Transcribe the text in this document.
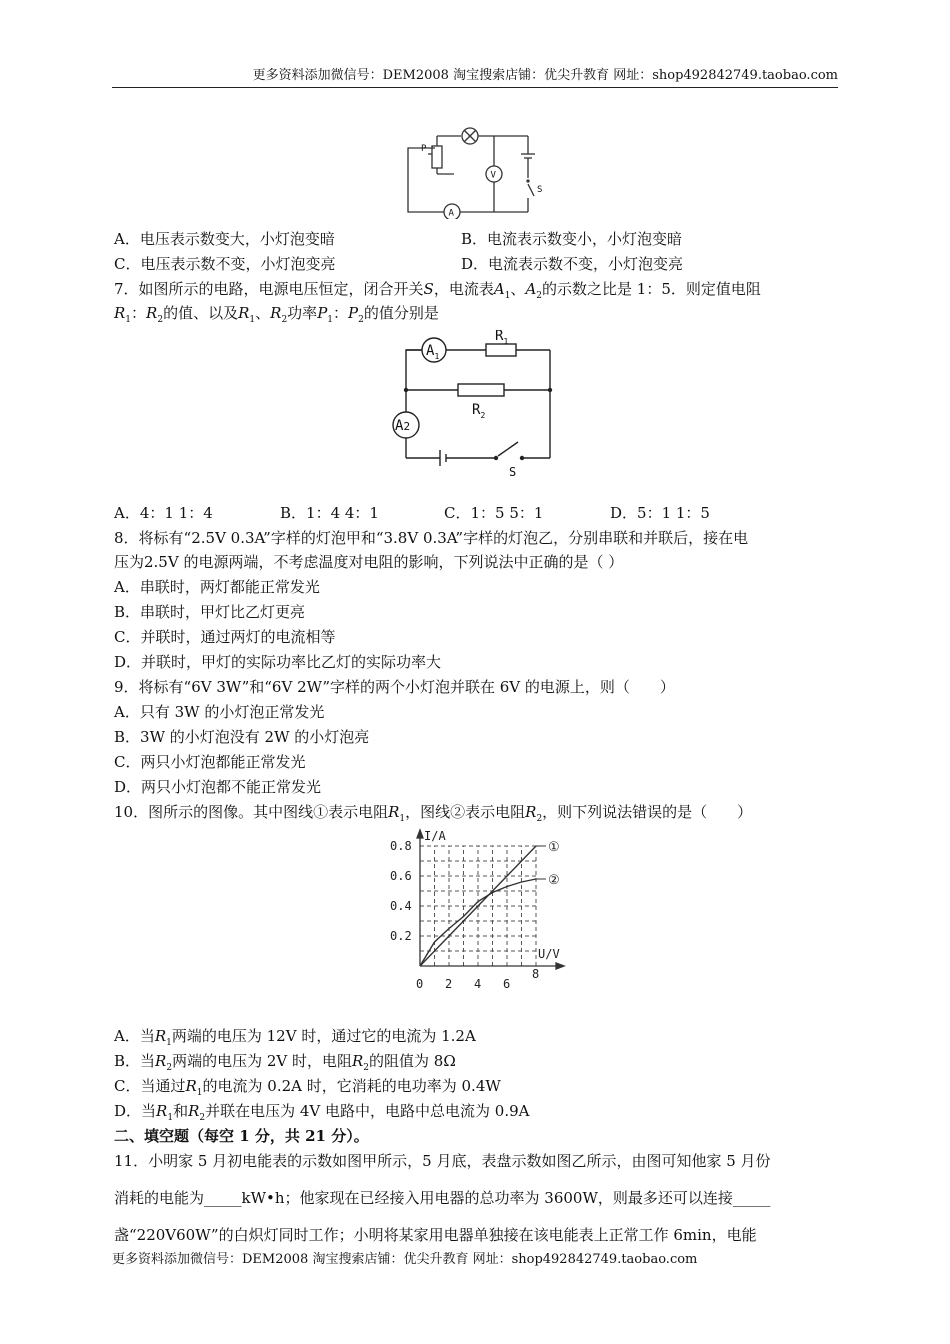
更多资料添加微信号：DEM2008 淘宝搜索店铺：优尖升教育 网址：shop492842749.taobao.com
P
V
A
S
A．电压表示数变大，小灯泡变暗	B．电流表示数变小，小灯泡变暗
C．电压表示数不变，小灯泡变亮	D．电流表示数不变，小灯泡变亮
7．如图所示的电路，电源电压恒定，闭合开关S，电流表$A_1$、$A_2$的示数之比是 1：5．则定值电阻
$R_1$：$R_2$的值、以及$R_1$、$R_2$功率$P_1$：$P_2$的值分别是
$A_1$
$R_1$
$R_2$
A2
S
A．4：1 1：4	B．1：4 4：1	C．1：5 5：1	D．5：1 1：5
8．将标有“2.5V 0.3A”字样的灯泡甲和“3.8V 0.3A”字样的灯泡乙，分别串联和并联后，接在电
压为2.5V 的电源两端，不考虑温度对电阻的影响，下列说法中正确的是（ ）
A．串联时，两灯都能正常发光
B．串联时，甲灯比乙灯更亮
C．并联时，通过两灯的电流相等
D．并联时，甲灯的实际功率比乙灯的实际功率大
9．将标有“6V 3W”和“6V 2W”字样的两个小灯泡并联在 6V 的电源上，则（　　）
A．只有 3W 的小灯泡正常发光
B．3W 的小灯泡没有 2W 的小灯泡亮
C．两只小灯泡都能正常发光
D．两只小灯泡都不能正常发光
10．图所示的图像。其中图线①表示电阻$R_1$，图线②表示电阻$R_2$，则下列说法错误的是（　　）
I/A
U/V
0 2 4 6
8
0.2
0.4
0.6
0.8	①
②
A．当$R_1$两端的电压为 12V 时，通过它的电流为 1.2A
B．当$R_2$两端的电压为 2V 时，电阻$R_2$的阻值为 8Ω
C．当通过$R_1$的电流为 0.2A 时，它消耗的电功率为 0.4W
D．当$R_1$和$R_2$并联在电压为 4V 电路中，电路中总电流为 0.9A
二、填空题（每空 1 分，共 21 分）。
11．小明家 5 月初电能表的示数如图甲所示，5 月底，表盘示数如图乙所示，由图可知他家 5 月份
消耗的电能为_____kW•h；他家现在已经接入用电器的总功率为 3600W，则最多还可以连接_____
盏“220V60W”的白炽灯同时工作；小明将某家用电器单独接在该电能表上正常工作 6min，电能
更多资料添加微信号：DEM2008 淘宝搜索店铺：优尖升教育 网址：shop492842749.taobao.com
